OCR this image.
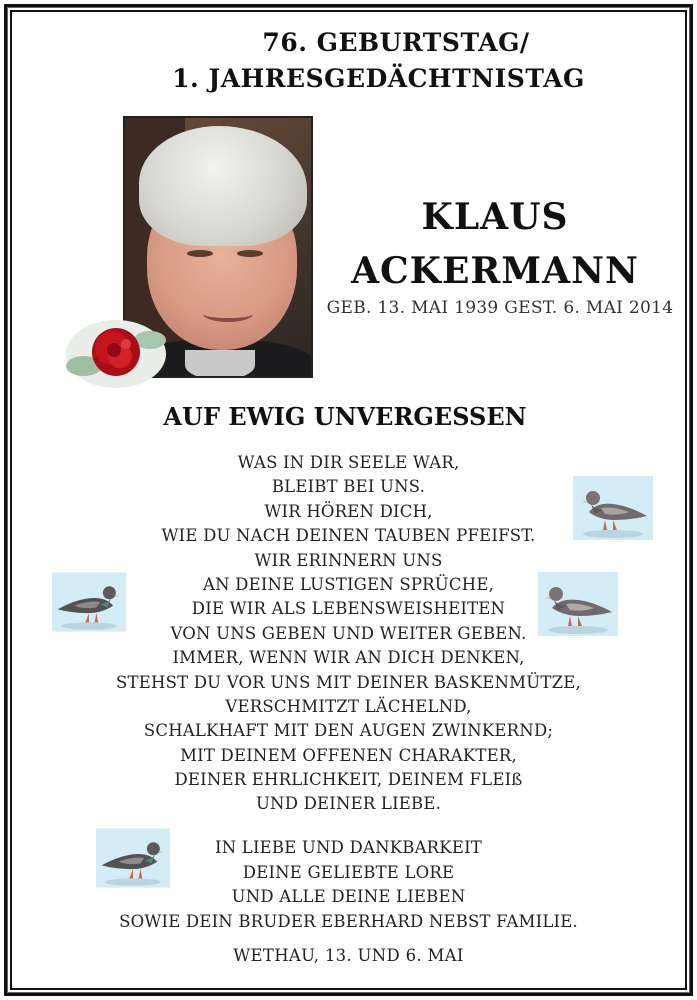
76. GEBURTSTAG/
1. JAHRESGEDÄCHTNISTAG
KLAUS
ACKERMANN
GEB. 13. MAI 1939 GEST. 6. MAI 2014
AUF EWIG UNVERGESSEN
WAS IN DIR SEELE WAR,
BLEIBT BEI UNS.
WIR HÖREN DICH,
WIE DU NACH DEINEN TAUBEN PFEIFST.
WIR ERINNERN UNS
AN DEINE LUSTIGEN SPRÜCHE,
DIE WIR ALS LEBENSWEISHEITEN
VON UNS GEBEN UND WEITER GEBEN.
IMMER, WENN WIR AN DICH DENKEN,
STEHST DU VOR UNS MIT DEINER BASKENMÜTZE,
VERSCHMITZT LÄCHELND,
SCHALKHAFT MIT DEN AUGEN ZWINKERND;
MIT DEINEM OFFENEN CHARAKTER,
DEINER EHRLICHKEIT, DEINEM FLEIß
UND DEINER LIEBE.
IN LIEBE UND DANKBARKEIT
DEINE GELIEBTE LORE
UND ALLE DEINE LIEBEN
SOWIE DEIN BRUDER EBERHARD NEBST FAMILIE.
WETHAU, 13. UND 6. MAI
